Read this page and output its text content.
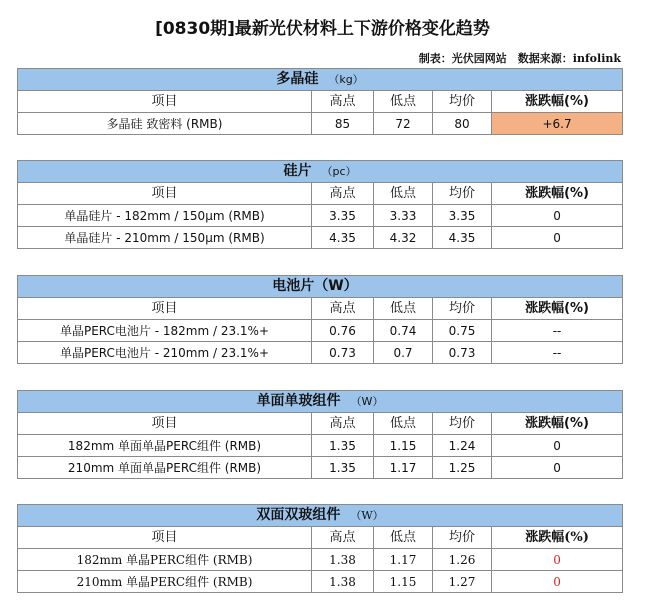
[0830期]最新光伏材料上下游价格变化趋势
制表：光伏园网站　数据来源：infolink
多晶硅 （kg）				
项目	高点	低点	均价	涨跌幅(%)
多晶硅 致密料 (RMB)	85	72	80	+6.7
硅片 （pc）				
项目	高点	低点	均价	涨跌幅(%)
单晶硅片 - 182mm / 150µm (RMB)	3.35	3.33	3.35	0
单晶硅片 - 210mm / 150µm (RMB)	4.35	4.32	4.35	0
电池片（W）				
项目	高点	低点	均价	涨跌幅(%)
单晶PERC电池片 - 182mm / 23.1%+	0.76	0.74	0.75	--
单晶PERC电池片 - 210mm / 23.1%+	0.73	0.7	0.73	--
单面单玻组件 （W）				
项目	高点	低点	均价	涨跌幅(%)
182mm 单面单晶PERC组件 (RMB)	1.35	1.15	1.24	0
210mm 单面单晶PERC组件 (RMB)	1.35	1.17	1.25	0
双面双玻组件 （W）				
项目	高点	低点	均价	涨跌幅(%)
182mm 单晶PERC组件 (RMB)	1.38	1.17	1.26	0
210mm 单晶PERC组件 (RMB)	1.38	1.15	1.27	0
